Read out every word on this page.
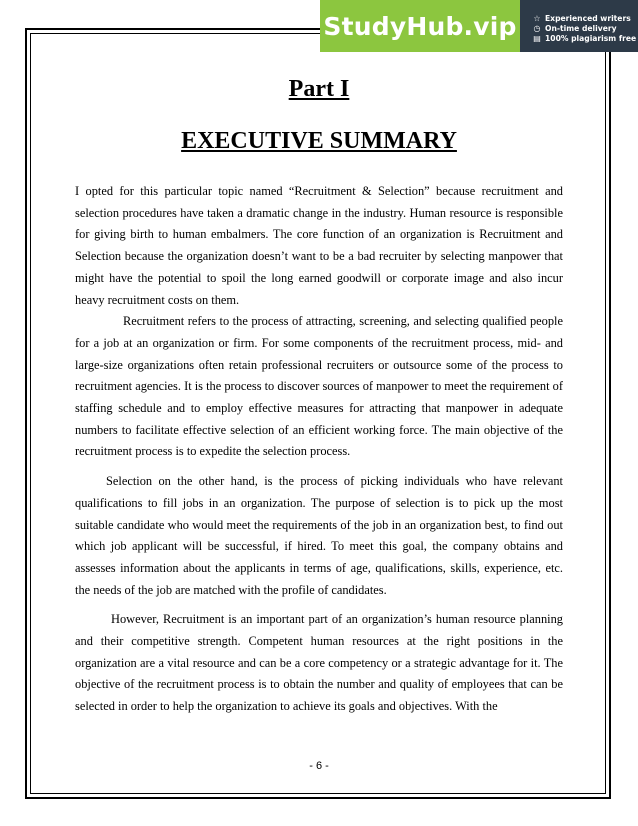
StudyHub.vip	☆ Experienced writers
◷ On-time delivery
▤ 100% plagiarism free
Part I
EXECUTIVE SUMMARY

I opted for this particular topic named “Recruitment & Selection” because recruitment and selection procedures have taken a dramatic change in the industry. Human resource is responsible for giving birth to human embalmers. The core function of an organization is Recruitment and Selection because the organization doesn’t want to be a bad recruiter by selecting manpower that might have the potential to spoil the long earned goodwill or corporate image and also incur heavy recruitment costs on them.

Recruitment refers to the process of attracting, screening, and selecting qualified people for a job at an organization or firm. For some components of the recruitment process, mid- and large-size organizations often retain professional recruiters or outsource some of the process to recruitment agencies. It is the process to discover sources of manpower to meet the requirement of staffing schedule and to employ effective measures for attracting that manpower in adequate numbers to facilitate effective selection of an efficient working force. The main objective of the recruitment process is to expedite the selection process.

Selection on the other hand, is the process of picking individuals who have relevant qualifications to fill jobs in an organization. The purpose of selection is to pick up the most suitable candidate who would meet the requirements of the job in an organization best, to find out which job applicant will be successful, if hired. To meet this goal, the company obtains and assesses information about the applicants in terms of age, qualifications, skills, experience, etc. the needs of the job are matched with the profile of candidates.

However, Recruitment is an important part of an organization’s human resource planning and their competitive strength. Competent human resources at the right positions in the organization are a vital resource and can be a core competency or a strategic advantage for it. The objective of the recruitment process is to obtain the number and quality of employees that can be selected in order to help the organization to achieve its goals and objectives. With the

- 6 -
